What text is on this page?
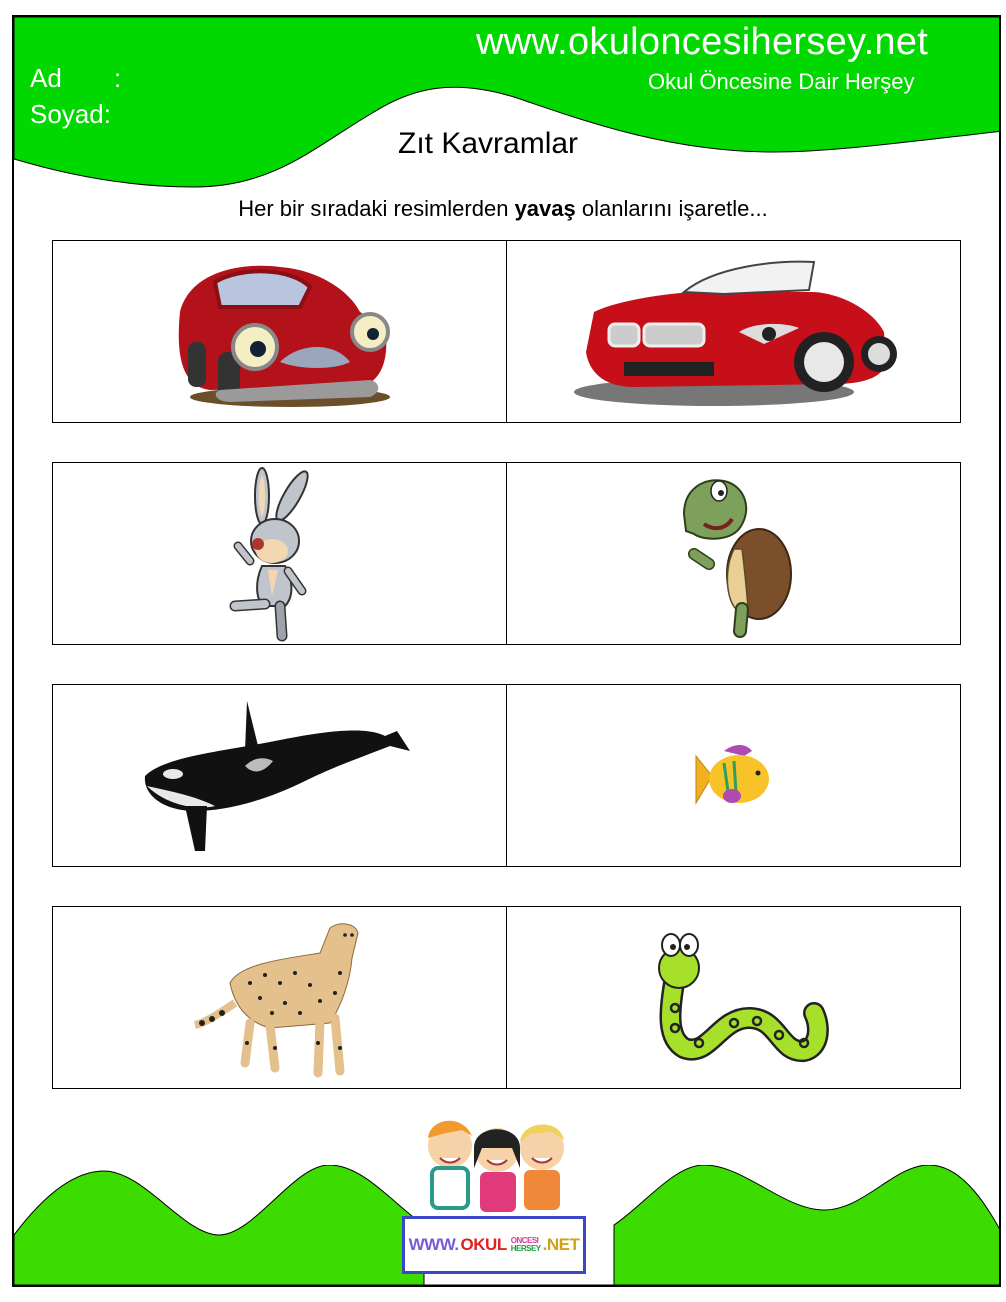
www.okuloncesihersey.net
Okul Öncesine Dair Herşey
Ad :
Soyad:
Zıt Kavramlar
Her bir sıradaki resimlerden yavaş olanlarını işaretle...
WWW. OKUL ONCESI
HERSEY .NET
